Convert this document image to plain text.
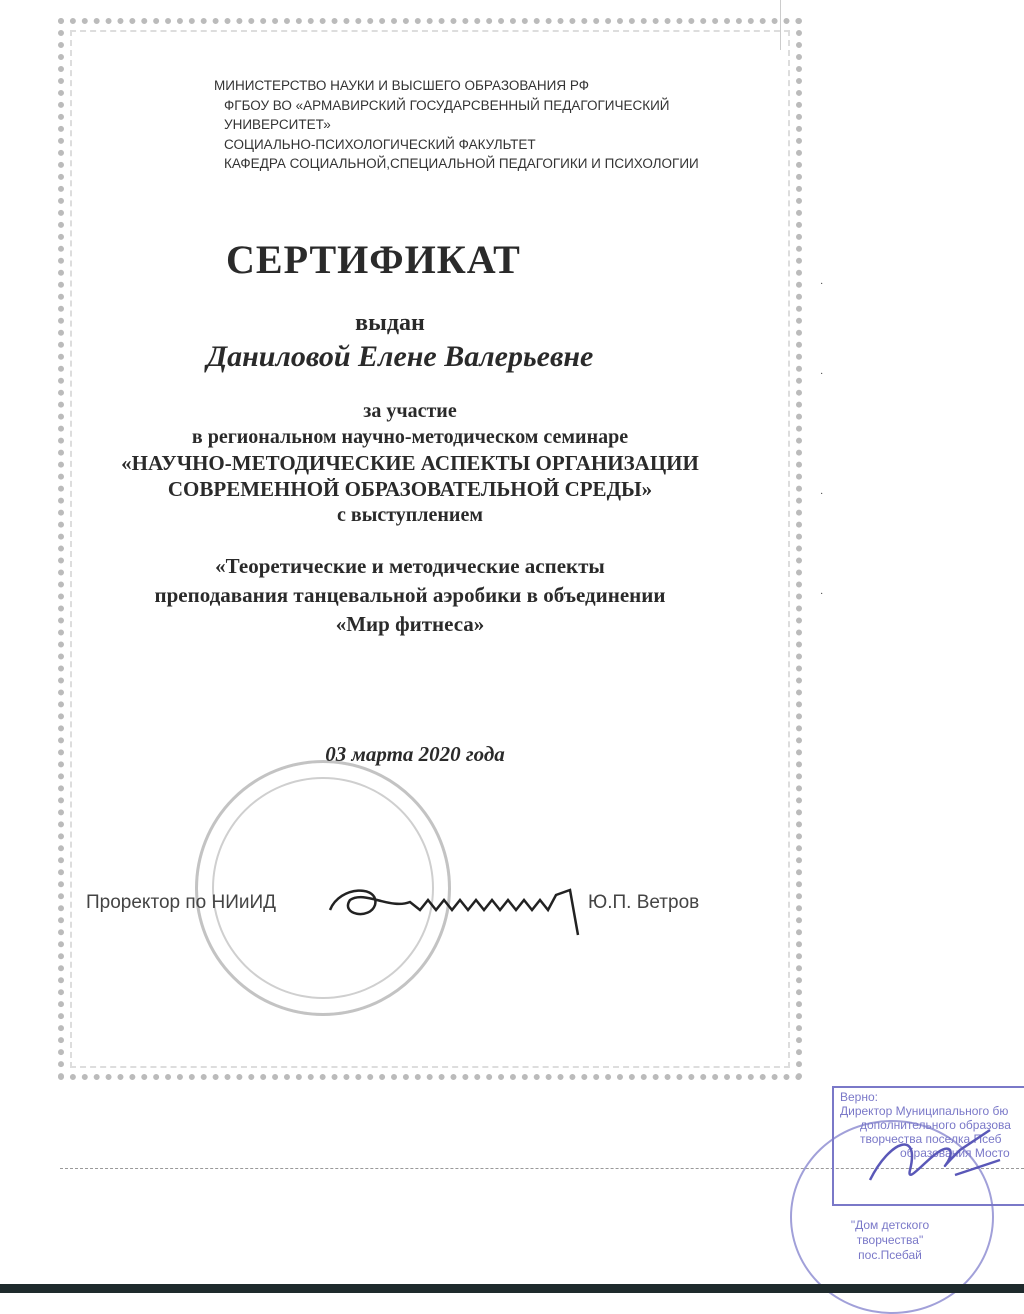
МИНИСТЕРСТВО НАУКИ И ВЫСШЕГО ОБРАЗОВАНИЯ РФ
ФГБОУ ВО «АРМАВИРСКИЙ ГОСУДАРСВЕННЫЙ ПЕДАГОГИЧЕСКИЙ
УНИВЕРСИТЕТ»
СОЦИАЛЬНО-ПСИХОЛОГИЧЕСКИЙ ФАКУЛЬТЕТ
КАФЕДРА СОЦИАЛЬНОЙ,СПЕЦИАЛЬНОЙ ПЕДАГОГИКИ И ПСИХОЛОГИИ
СЕРТИФИКАТ
выдан
Даниловой Елене Валерьевне
за участие
в региональном научно-методическом семинаре
«НАУЧНО-МЕТОДИЧЕСКИЕ АСПЕКТЫ ОРГАНИЗАЦИИ
СОВРЕМЕННОЙ ОБРАЗОВАТЕЛЬНОЙ СРЕДЫ»
с выступлением
«Теоретические и методические аспекты
преподавания танцевальной аэробики в объединении
«Мир фитнеса»
03 марта 2020 года
Проректор по НИиИД	Ю.П. Ветров
·

·

·

·
Верно:
Директор Муниципального бю
дополнительного образова
творчества поселка Псеб
образования Мосто
"Дом детского
творчества"
пос.Псебай
